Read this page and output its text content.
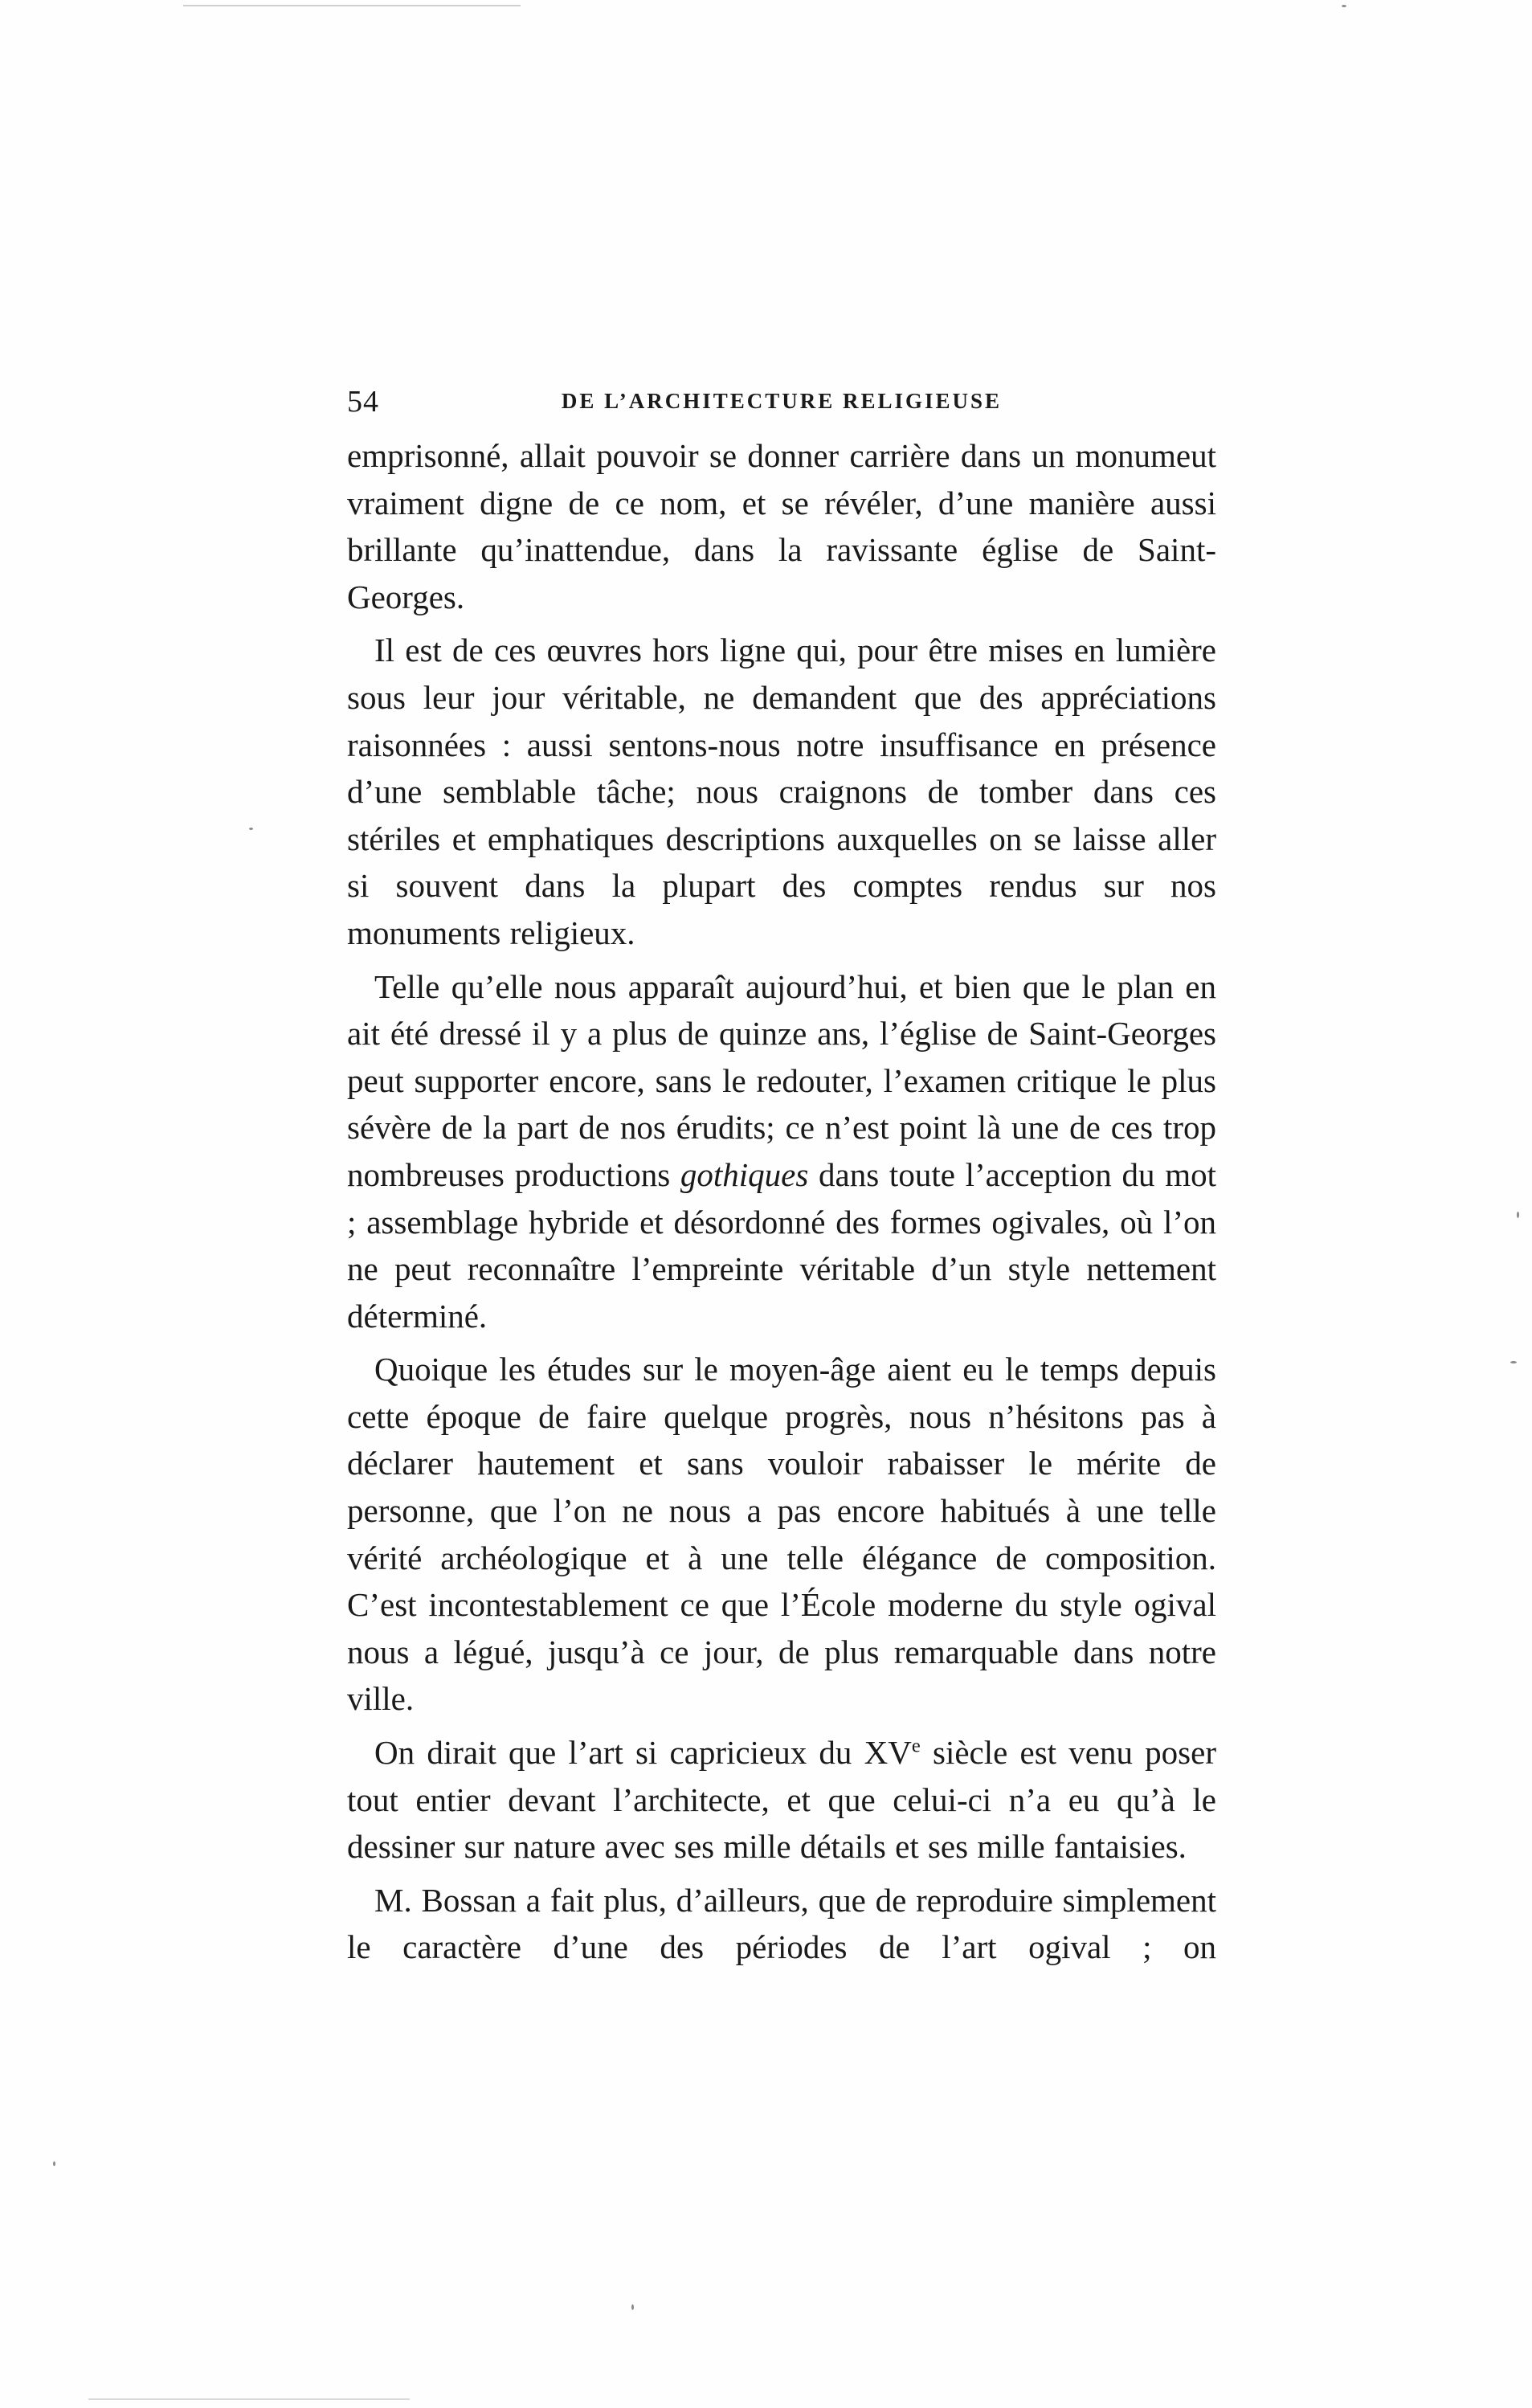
54	DE L’ARCHITECTURE RELIGIEUSE

emprisonné, allait pouvoir se donner carrière dans un monumeut vraiment digne de ce nom, et se révéler, d’une manière aussi brillante qu’inattendue, dans la ravissante église de Saint-Georges.

Il est de ces œuvres hors ligne qui, pour être mises en lumière sous leur jour véritable, ne demandent que des appréciations raisonnées : aussi sentons-nous notre insuffisance en présence d’une semblable tâche; nous craignons de tomber dans ces stériles et emphatiques descriptions auxquelles on se laisse aller si souvent dans la plupart des comptes rendus sur nos monuments religieux.

Telle qu’elle nous apparaît aujourd’hui, et bien que le plan en ait été dressé il y a plus de quinze ans, l’église de Saint-Georges peut supporter encore, sans le redouter, l’examen critique le plus sévère de la part de nos érudits; ce n’est point là une de ces trop nombreuses productions gothiques dans toute l’acception du mot ; assemblage hybride et désordonné des formes ogivales, où l’on ne peut reconnaître l’empreinte véritable d’un style nettement déterminé.

Quoique les études sur le moyen-âge aient eu le temps depuis cette époque de faire quelque progrès, nous n’hésitons pas à déclarer hautement et sans vouloir rabaisser le mérite de personne, que l’on ne nous a pas encore habitués à une telle vérité archéologique et à une telle élégance de composition. C’est incontestablement ce que l’École moderne du style ogival nous a légué, jusqu’à ce jour, de plus remarquable dans notre ville.

On dirait que l’art si capricieux du XVe siècle est venu poser tout entier devant l’architecte, et que celui-ci n’a eu qu’à le dessiner sur nature avec ses mille détails et ses mille fantaisies.

M. Bossan a fait plus, d’ailleurs, que de reproduire simplement le caractère d’une des périodes de l’art ogival ; on
